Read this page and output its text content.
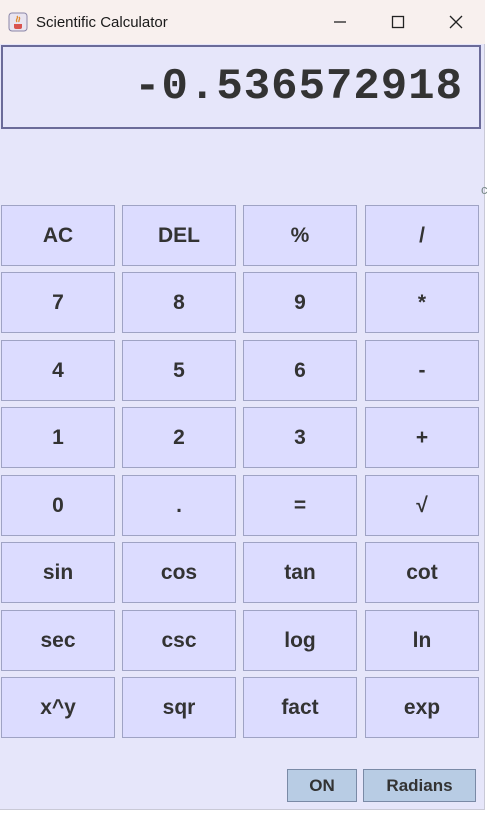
Scientific Calculator
-0.536572918
c
AC	DEL	%	/
7	8	9	*
4	5	6	-
1	2	3	+
0	.	=	√
sin	cos	tan	cot
sec	csc	log	ln
x^y	sqr	fact	exp
ON	Radians
